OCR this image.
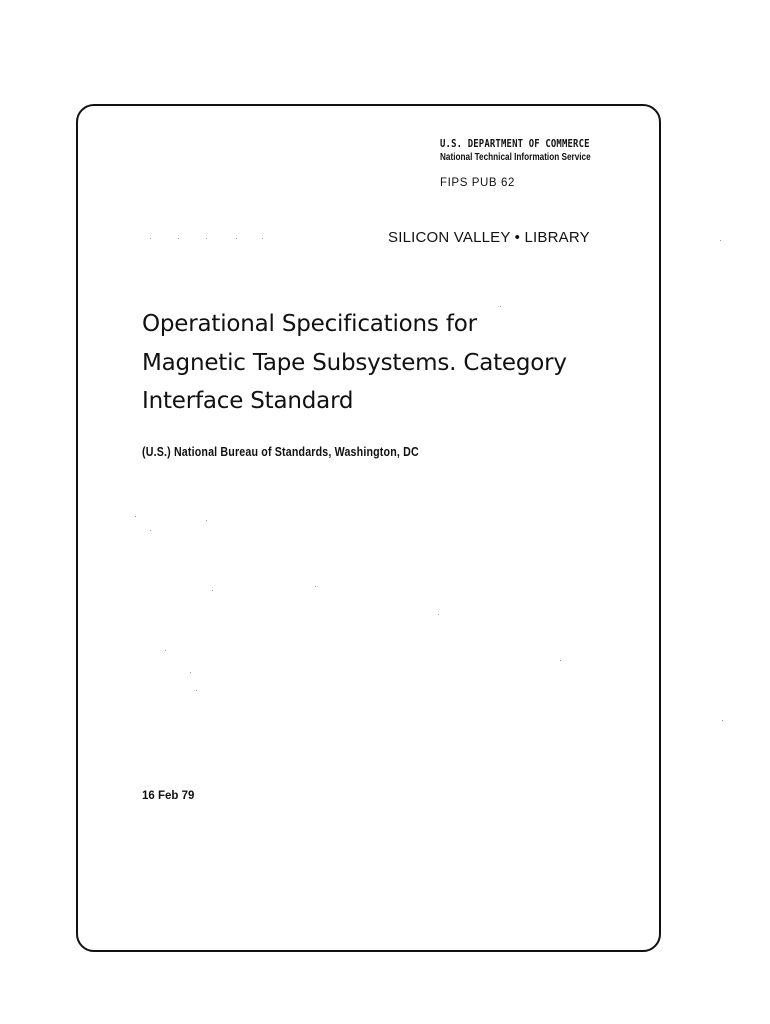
U.S. DEPARTMENT OF COMMERCE
National Technical Information Service
FIPS PUB 62
SILICON VALLEY • LIBRARY
Operational Specifications for
Magnetic Tape Subsystems. Category
Interface Standard
(U.S.) National Bureau of Standards, Washington, DC
16 Feb 79
